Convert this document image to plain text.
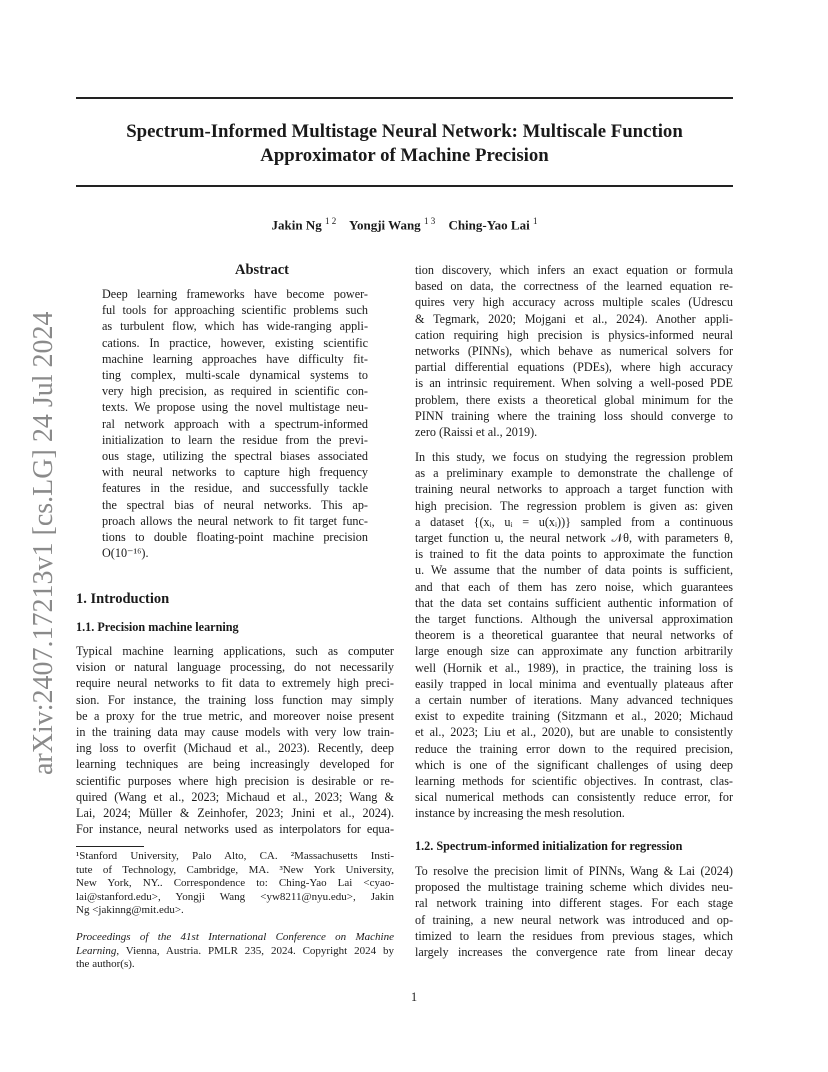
Spectrum-Informed Multistage Neural Network: Multiscale Function
Approximator of Machine Precision
Jakin Ng $^{1 2}$ Yongji Wang $^{1 3}$ Ching-Yao Lai $^1$
arXiv:2407.17213v1 [cs.LG] 24 Jul 2024
Abstract
Deep learning frameworks have become power-
ful tools for approaching scientific problems such
as turbulent flow, which has wide-ranging appli-
cations. In practice, however, existing scientific
machine learning approaches have difficulty fit-
ting complex, multi-scale dynamical systems to
very high precision, as required in scientific con-
texts. We propose using the novel multistage neu-
ral network approach with a spectrum-informed
initialization to learn the residue from the previ-
ous stage, utilizing the spectral biases associated
with neural networks to capture high frequency
features in the residue, and successfully tackle
the spectral bias of neural networks. This ap-
proach allows the neural network to fit target func-
tions to double floating-point machine precision
O(10⁻¹⁶).
1. Introduction
1.1. Precision machine learning
Typical machine learning applications, such as computer
vision or natural language processing, do not necessarily
require neural networks to fit data to extremely high preci-
sion. For instance, the training loss function may simply
be a proxy for the true metric, and moreover noise present
in the training data may cause models with very low train-
ing loss to overfit (Michaud et al., 2023). Recently, deep
learning techniques are being increasingly developed for
scientific purposes where high precision is desirable or re-
quired (Wang et al., 2023; Michaud et al., 2023; Wang &
Lai, 2024; Müller & Zeinhofer, 2023; Jnini et al., 2024).
For instance, neural networks used as interpolators for equa-
¹Stanford University, Palo Alto, CA. ²Massachusetts Insti-
tute of Technology, Cambridge, MA. ³New York University,
New York, NY.. Correspondence to: Ching-Yao Lai <cyao-
lai@stanford.edu>, Yongji Wang <yw8211@nyu.edu>, Jakin
Ng <jakinng@mit.edu>.
Proceedings of the 41st International Conference on Machine
Learning, Vienna, Austria. PMLR 235, 2024. Copyright 2024 by
the author(s).
tion discovery, which infers an exact equation or formula
based on data, the correctness of the learned equation re-
quires very high accuracy across multiple scales (Udrescu
& Tegmark, 2020; Mojgani et al., 2024). Another appli-
cation requiring high precision is physics-informed neural
networks (PINNs), which behave as numerical solvers for
partial differential equations (PDEs), where high accuracy
is an intrinsic requirement. When solving a well-posed PDE
problem, there exists a theoretical global minimum for the
PINN training where the training loss should converge to
zero (Raissi et al., 2019).
In this study, we focus on studying the regression problem
as a preliminary example to demonstrate the challenge of
training neural networks to approach a target function with
high precision. The regression problem is given as: given
a dataset {(xᵢ, uᵢ = u(xᵢ))} sampled from a continuous
target function u, the neural network 𝒩θ, with parameters θ,
is trained to fit the data points to approximate the function
u. We assume that the number of data points is sufficient,
and that each of them has zero noise, which guarantees
that the data set contains sufficient authentic information of
the target functions. Although the universal approximation
theorem is a theoretical guarantee that neural networks of
large enough size can approximate any function arbitrarily
well (Hornik et al., 1989), in practice, the training loss is
easily trapped in local minima and eventually plateaus after
a certain number of iterations. Many advanced techniques
exist to expedite training (Sitzmann et al., 2020; Michaud
et al., 2023; Liu et al., 2020), but are unable to consistently
reduce the training error down to the required precision,
which is one of the significant challenges of using deep
learning methods for scientific objectives. In contrast, clas-
sical numerical methods can consistently reduce error, for
instance by increasing the mesh resolution.
1.2. Spectrum-informed initialization for regression
To resolve the precision limit of PINNs, Wang & Lai (2024)
proposed the multistage training scheme which divides neu-
ral network training into different stages. For each stage
of training, a new neural network was introduced and op-
timized to learn the residues from previous stages, which
largely increases the convergence rate from linear decay
1
